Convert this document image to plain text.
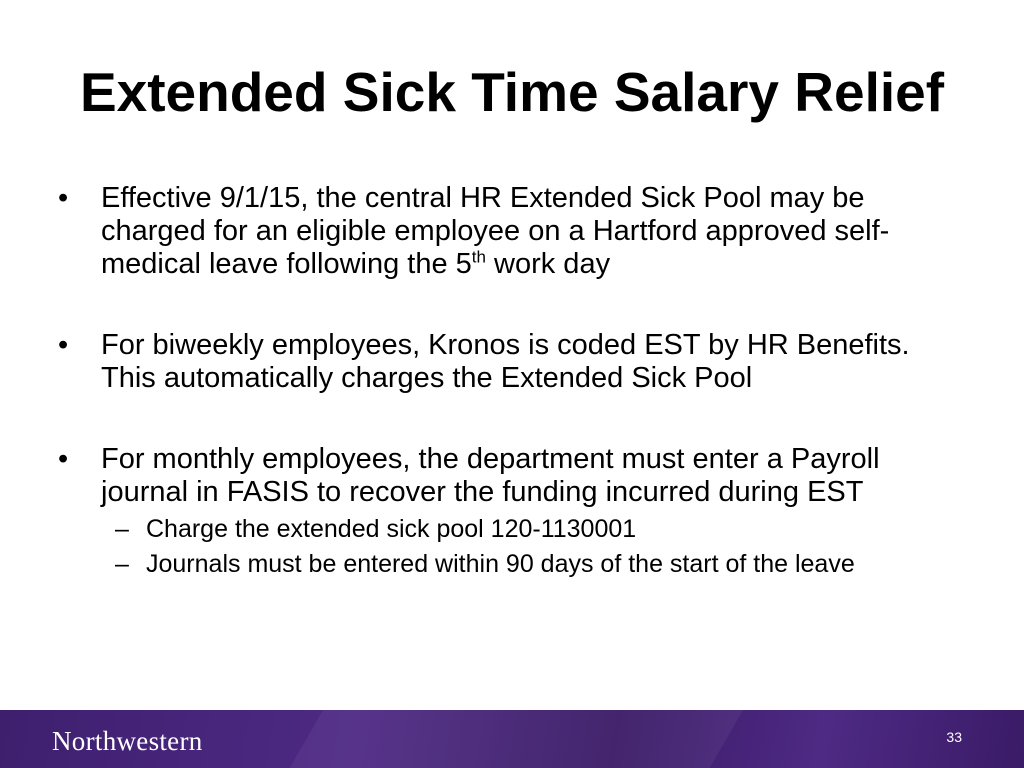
Extended Sick Time Salary Relief
• Effective 9/1/15, the central HR Extended Sick Pool may be charged for an eligible employee on a Hartford approved self-medical leave following the 5th work day
• For biweekly employees, Kronos is coded EST by HR Benefits. This automatically charges the Extended Sick Pool
• For monthly employees, the department must enter a Payroll journal in FASIS to recover the funding incurred during EST
– Charge the extended sick pool 120-1130001
– Journals must be entered within 90 days of the start of the leave
Northwestern	33
